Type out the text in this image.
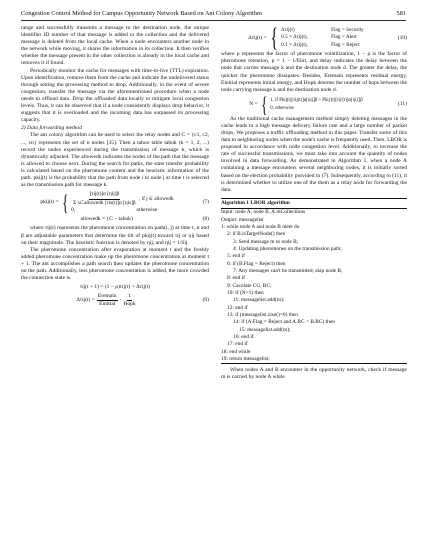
Congestion Control Method for Campus Opportunity Network Based on Ant Colony Algorithm	581

range and successfully transmits a message to the destination node, the unique identifier ID number of that message is added to the collection and the delivered message is deleted from the local cache. When a node encounters another node in the network while moving, it shares the information in its collection. It then verifies whether the message present in the other collection is already in the local cache and removes it if found.

Periodically monitor the cache for messages with time-to-live (TTL) expiration. Upon identification, remove them from the cache and indicate the undelivered status through setting the processing method to drop. Additionally, in the event of severe congestion, transfer the message via the aforementioned procedure when a node needs to offload data. Drop the offloaded data locally to mitigate local congestion levels. Thus, it can be observed that if a node consistently displays drop behavior, it suggests that it is overloaded and the incoming data has surpassed its processing capacity.

2) Data forwarding method

The ant colony algorithm can be used to select the relay nodes and C = {c1, c2, ..., cn} represents the set of n nodes [35]. Then a taboo table tabuk (k = 1, 2, ...) record the nodes experienced during the transmission of message k, which is dynamically adjusted. The allowedk indicates the nodes of the path that the message is allowed to choose next. During the search for paths, the state transfer probability is calculated based on the pheromone content and the heuristic information of the path. pkij(t) is the probability that the path from node i to node j at time t is selected as the transmission path for message k.

pkij(t) = { $\frac{\text{[τij(t)]α [ηij]β}}{\text{Σ s⊂allowedk [τis(t)]α [ηis]β}}$ , if j ∈ allowedk
0,	otherwise
(7)
allowedk = {C − tabuk}	(8)

where τij(t) represents the pheromone concentration on path(i, j) at time t, α and β are adjustable parameters that determine the tilt of pkij(t) toward τij or ηij based on their magnitude. The heuristic function is denoted by ηij, and ηij = 1/Sij.

The pheromone concentration after evaporation at moment t and the freshly added pheromone concentration make up the pheromone concentration at moment t + 1. The ant accomplishes a path search then updates the pheromone concentration on the path. Additionally, less pheromone concentration is added, the more crowded the connection state is.

τij(t + 1) = (1 − ρ)τij(t) + Δτij(t)
$\Delta\tau ij(t) = \frac{\text{Eremain}}{\text{Einitial}} \cdot \frac{1}{\text{Hopk}}$	(9)
Δτij(t) = { Δτij(t)	Flag = Security
0.5 × Δτij(t),	Flag = Alert
0.1 × Δτij(t),	Flag = Reject
(10)

where ρ represents the factor of pheromone volatilization, 1 − ρ is the factor of pheromone retention, ρ = 1 − 1/Ebit, and delay indicates the delay between the node that carries message k and the destination node d. The greater the delay, the quicker the pheromone dissipates. Besides, Eremain represents residual energy, Einitial represents initial energy, and Hopk denotes the number of hops between the node carrying message k and the destination node d.

N = { 1, if Pkij(t)[τij(t)]α[ηij]β > Pkij'(t)[τij'(t)]α[ηij']β
0, otherwise
(11)

As the traditional cache management method simply deleting messages in the cache leads to a high message delivery failure rate and a large number of packet drops, We proposes a traffic offloading method in this paper. Transfer some of this data to neighboring nodes when the node's cache is frequently used. Then, LBOR is proposed in accordance with node congestion level. Additionally, to increase the rate of successful transmissions, we must take into account the quantity of nodes involved in data forwarding. As demonstrated in Algorithm 1, when a node A containing a message encounters several neighboring nodes, it is initially sorted based on the election probability provided in (7). Subsequently, according to (11), it is determined whether to utilize one of the them as a relay node for forwarding the data.

Algorithm 1 LBOR algorithm
Input: node A, node B, A.mCollections
Output: messagelist
1: while node A and node B meet do
2: if B.isTargetNode() then
3: Send message m to node B;
4: Updating pheromones on the transmission path;
5: end if
6: if (B.Flag = Reject) then
7: Any messages can't be transmitted, skip node B;
8: end if
9: Caculate CG, RC;
10: if (N=1) then
11: messagelist.add(m);
12: end if
13: if (messagelist.zise()=0) then
14: if (A.Flag = Reject and A.RC < B.RC) then
15: messagelist.add(m);
16: end if
17: end if
18: end while
19: return messagelist;

When nodes A and B encounter in the opportunity network, check if message m is carried by node A while
